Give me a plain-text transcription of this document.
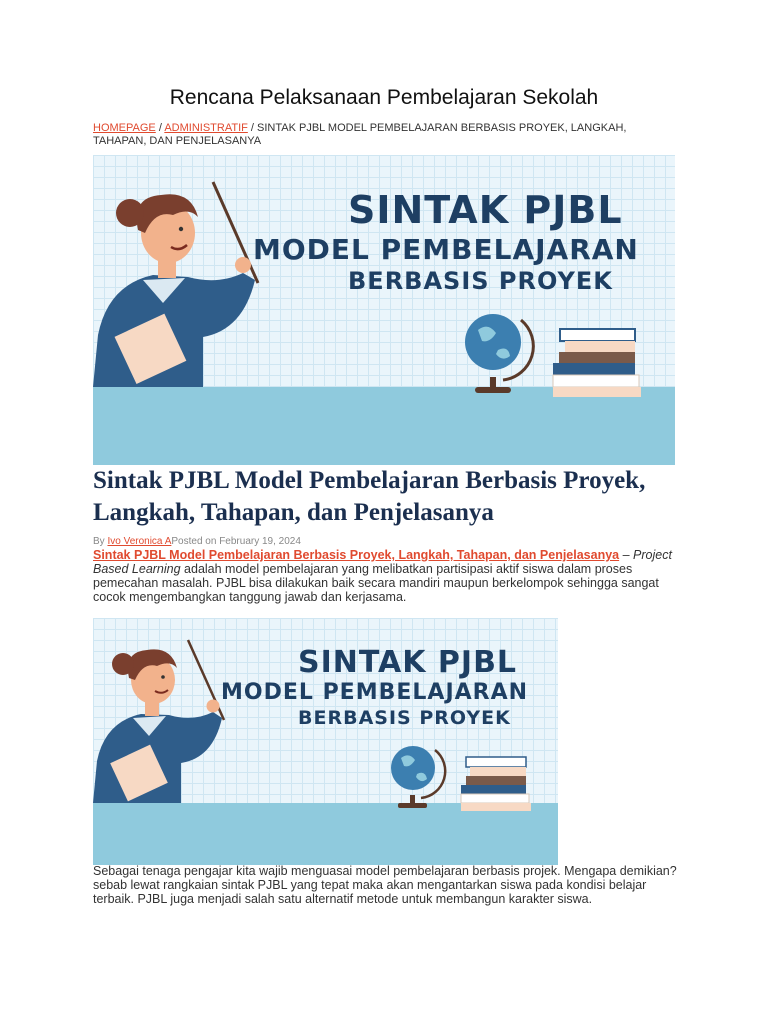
Rencana Pelaksanaan Pembelajaran Sekolah
HOMEPAGE / ADMINISTRATIF / SINTAK PJBL MODEL PEMBELAJARAN BERBASIS PROYEK, LANGKAH, TAHAPAN, DAN PENJELASANYA
SINTAK PJBL
MODEL PEMBELAJARAN
BERBASIS PROYEK
Sintak PJBL Model Pembelajaran Berbasis Proyek, Langkah, Tahapan, dan Penjelasanya
By Ivo Veronica APosted on February 19, 2024

Sintak PJBL Model Pembelajaran Berbasis Proyek, Langkah, Tahapan, dan Penjelasanya – Project Based Learning adalah model pembelajaran yang melibatkan partisipasi aktif siswa dalam proses pemecahan masalah. PJBL bisa dilakukan baik secara mandiri maupun berkelompok sehingga sangat cocok mengembangkan tanggung jawab dan kerjasama.

SINTAK PJBL
MODEL PEMBELAJARAN
BERBASIS PROYEK

Sebagai tenaga pengajar kita wajib menguasai model pembelajaran berbasis projek. Mengapa demikian? sebab lewat rangkaian sintak PJBL yang tepat maka akan mengantarkan siswa pada kondisi belajar terbaik. PJBL juga menjadi salah satu alternatif metode untuk membangun karakter siswa.
